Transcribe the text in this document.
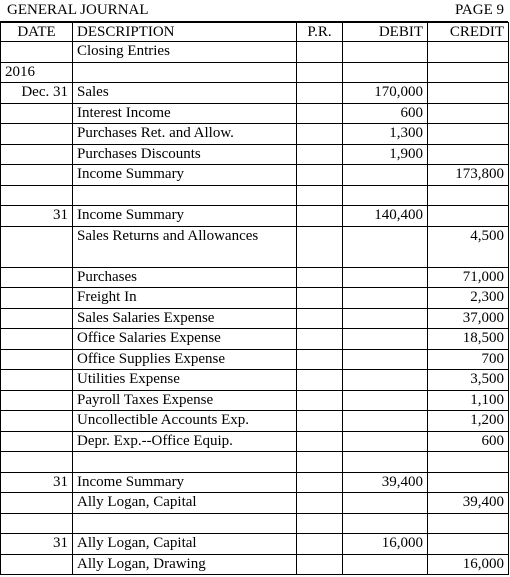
GENERAL JOURNAL	PAGE 9
DATE	DESCRIPTION	P.R.	DEBIT	CREDIT
	Closing Entries			
2016				
Dec. 31	Sales		170,000	
	Interest Income		600	
	Purchases Ret. and Allow.		1,300	
	Purchases Discounts		1,900	
	Income Summary			173,800

31	Income Summary		140,400	
	Sales Returns and Allowances			4,500
	Purchases			71,000
	Freight In			2,300
	Sales Salaries Expense			37,000
	Office Salaries Expense			18,500
	Office Supplies Expense			700
	Utilities Expense			3,500
	Payroll Taxes Expense			1,100
	Uncollectible Accounts Exp.			1,200
	Depr. Exp.--Office Equip.			600

31	Income Summary		39,400	
	Ally Logan, Capital			39,400

31	Ally Logan, Capital		16,000	
	Ally Logan, Drawing			16,000
